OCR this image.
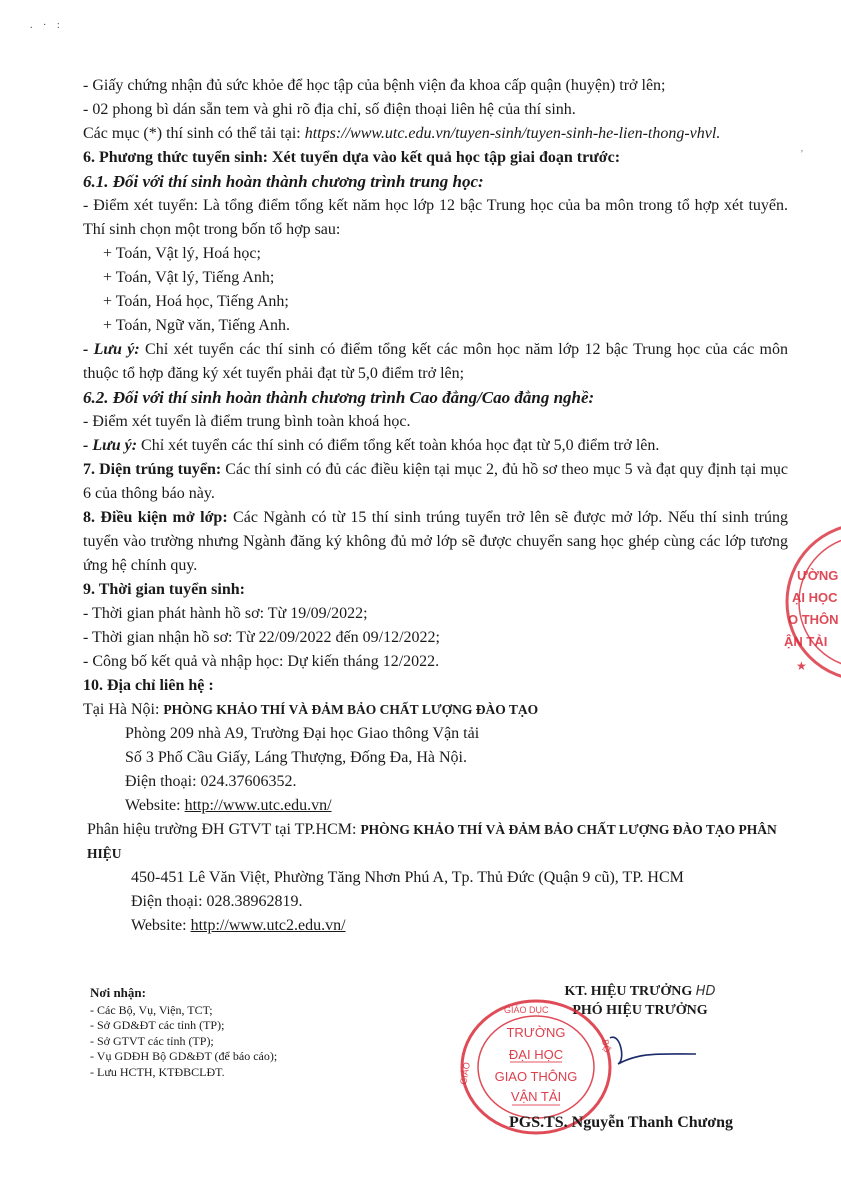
. · :
ʼ

- Giấy chứng nhận đủ sức khỏe để học tập của bệnh viện đa khoa cấp quận (huyện) trở lên;

- 02 phong bì dán sẵn tem và ghi rõ địa chỉ, số điện thoại liên hệ của thí sinh.

Các mục (*) thí sinh có thể tải tại: https://www.utc.edu.vn/tuyen-sinh/tuyen-sinh-he-lien-thong-vhvl.

6. Phương thức tuyển sinh: Xét tuyển dựa vào kết quả học tập giai đoạn trước:

6.1. Đối với thí sinh hoàn thành chương trình trung học:

- Điểm xét tuyển: Là tổng điểm tổng kết năm học lớp 12 bậc Trung học của ba môn trong tổ hợp xét tuyển. Thí sinh chọn một trong bốn tổ hợp sau:

+ Toán, Vật lý, Hoá học;

+ Toán, Vật lý, Tiếng Anh;

+ Toán, Hoá học, Tiếng Anh;

+ Toán, Ngữ văn, Tiếng Anh.

- Lưu ý: Chỉ xét tuyển các thí sinh có điểm tổng kết các môn học năm lớp 12 bậc Trung học của các môn thuộc tổ hợp đăng ký xét tuyển phải đạt từ 5,0 điểm trở lên;

6.2. Đối với thí sinh hoàn thành chương trình Cao đẳng/Cao đẳng nghề:

- Điểm xét tuyển là điểm trung bình toàn khoá học.

- Lưu ý: Chỉ xét tuyển các thí sinh có điểm tổng kết toàn khóa học đạt từ 5,0 điểm trở lên.

7. Diện trúng tuyển: Các thí sinh có đủ các điều kiện tại mục 2, đủ hồ sơ theo mục 5 và đạt quy định tại mục 6 của thông báo này.

8. Điều kiện mở lớp: Các Ngành có từ 15 thí sinh trúng tuyển trở lên sẽ được mở lớp. Nếu thí sinh trúng tuyển vào trường nhưng Ngành đăng ký không đủ mở lớp sẽ được chuyển sang học ghép cùng các lớp tương ứng hệ chính quy.

9. Thời gian tuyển sinh:

- Thời gian phát hành hồ sơ: Từ 19/09/2022;

- Thời gian nhận hồ sơ: Từ 22/09/2022 đến 09/12/2022;

- Công bố kết quả và nhập học: Dự kiến tháng 12/2022.

10. Địa chỉ liên hệ :

Tại Hà Nội: PHÒNG KHẢO THÍ VÀ ĐẢM BẢO CHẤT LƯỢNG ĐÀO TẠO

Phòng 209 nhà A9, Trường Đại học Giao thông Vận tải

Số 3 Phố Cầu Giấy, Láng Thượng, Đống Đa, Hà Nội.

Điện thoại: 024.37606352.

Website: http://www.utc.edu.vn/

Phân hiệu trường ĐH GTVT tại TP.HCM: PHÒNG KHẢO THÍ VÀ ĐẢM BẢO CHẤT LƯỢNG ĐÀO TẠO PHÂN HIỆU

450-451 Lê Văn Việt, Phường Tăng Nhơn Phú A, Tp. Thủ Đức (Quận 9 cũ), TP. HCM

Điện thoại: 028.38962819.

Website: http://www.utc2.edu.vn/

ƯỜNG
ẠI HỌC
O THÔN
ẬN TẢI
★
Nơi nhận:
- Các Bộ, Vụ, Viện, TCT;
- Sở GD&ĐT các tỉnh (TP);
- Sở GTVT các tỉnh (TP);
- Vụ GDĐH Bộ GD&ĐT (để báo cáo);
- Lưu HCTH, KTĐBCLĐT.
KT. HIỆU TRƯỞNG HD
PHÓ HIỆU TRƯỞNG
GIÁO DỤC
GIÁO
BỘ
TRƯỜNG
ĐẠI HỌC
GIAO THÔNG
VẬN TẢI
PGS.TS. Nguyễn Thanh Chương
